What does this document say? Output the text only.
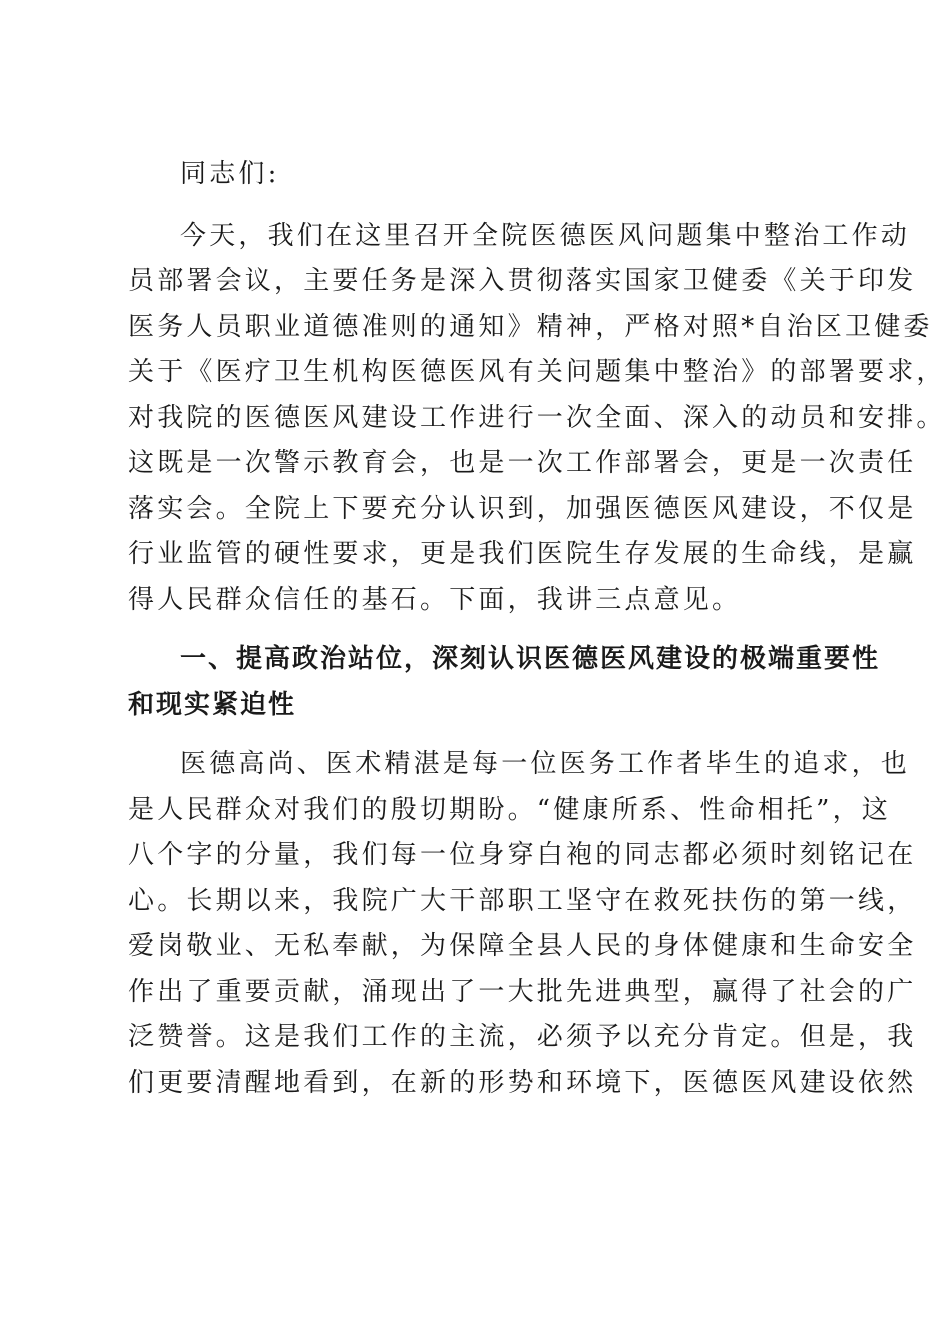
同志们:
今天，我们在这里召开全院医德医风问题集中整治工作动
员部署会议，主要任务是深入贯彻落实国家卫健委《关于印发
医务人员职业道德准则的通知》精神，严格对照*自治区卫健委
关于《医疗卫生机构医德医风有关问题集中整治》的部署要求，
对我院的医德医风建设工作进行一次全面、深入的动员和安排。
这既是一次警示教育会，也是一次工作部署会，更是一次责任
落实会。全院上下要充分认识到，加强医德医风建设，不仅是
行业监管的硬性要求，更是我们医院生存发展的生命线，是赢
得人民群众信任的基石。下面，我讲三点意见。
一、提高政治站位，深刻认识医德医风建设的极端重要性
和现实紧迫性
医德高尚、医术精湛是每一位医务工作者毕生的追求，也
是人民群众对我们的殷切期盼。“健康所系、性命相托”，这
八个字的分量，我们每一位身穿白袍的同志都必须时刻铭记在
心。长期以来，我院广大干部职工坚守在救死扶伤的第一线，
爱岗敬业、无私奉献，为保障全县人民的身体健康和生命安全
作出了重要贡献，涌现出了一大批先进典型，赢得了社会的广
泛赞誉。这是我们工作的主流，必须予以充分肯定。但是，我
们更要清醒地看到，在新的形势和环境下，医德医风建设依然
